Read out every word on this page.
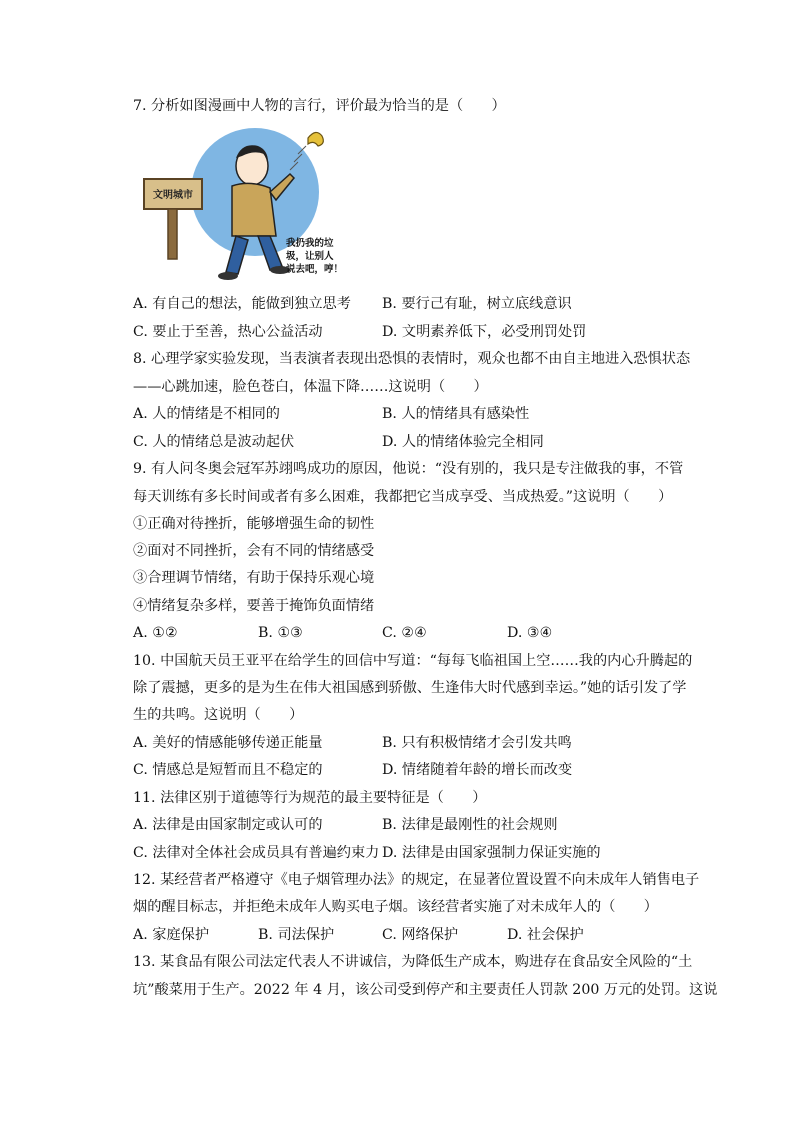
7. 分析如图漫画中人物的言行，评价最为恰当的是（　　）
文明城市
我扔我的垃
圾，让别人
说去吧，哼！
A. 有自己的想法，能做到独立思考 B. 要行己有耻，树立底线意识
C. 要止于至善，热心公益活动	D. 文明素养低下，必受刑罚处罚
8. 心理学家实验发现，当表演者表现出恐惧的表情时，观众也都不由自主地进入恐惧状态
——心跳加速，脸色苍白，体温下降……这说明（　　）
A. 人的情绪是不相同的	B. 人的情绪具有感染性
C. 人的情绪总是波动起伏	D. 人的情绪体验完全相同
9. 有人问冬奥会冠军苏翊鸣成功的原因，他说：“没有别的，我只是专注做我的事，不管
每天训练有多长时间或者有多么困难，我都把它当成享受、当成热爱。”这说明（　　）
①正确对待挫折，能够增强生命的韧性
②面对不同挫折，会有不同的情绪感受
③合理调节情绪，有助于保持乐观心境
④情绪复杂多样，要善于掩饰负面情绪
A. ①②	B. ①③	C. ②④	D. ③④
10. 中国航天员王亚平在给学生的回信中写道：“每每飞临祖国上空……我的内心升腾起的
除了震撼，更多的是为生在伟大祖国感到骄傲、生逢伟大时代感到幸运。”她的话引发了学
生的共鸣。这说明（　　）
A. 美好的情感能够传递正能量	B. 只有积极情绪才会引发共鸣
C. 情感总是短暂而且不稳定的	D. 情绪随着年龄的增长而改变
11. 法律区别于道德等行为规范的最主要特征是（　　）
A. 法律是由国家制定或认可的	B. 法律是最刚性的社会规则
C. 法律对全体社会成员具有普遍约束力 D. 法律是由国家强制力保证实施的
12. 某经营者严格遵守《电子烟管理办法》的规定，在显著位置设置不向未成年人销售电子
烟的醒目标志，并拒绝未成年人购买电子烟。该经营者实施了对未成年人的（　　）
A. 家庭保护	B. 司法保护	C. 网络保护	D. 社会保护
13. 某食品有限公司法定代表人不讲诚信，为降低生产成本，购进存在食品安全风险的“土
坑”酸菜用于生产。2022 年 4 月，该公司受到停产和主要责任人罚款 200 万元的处罚。这说
